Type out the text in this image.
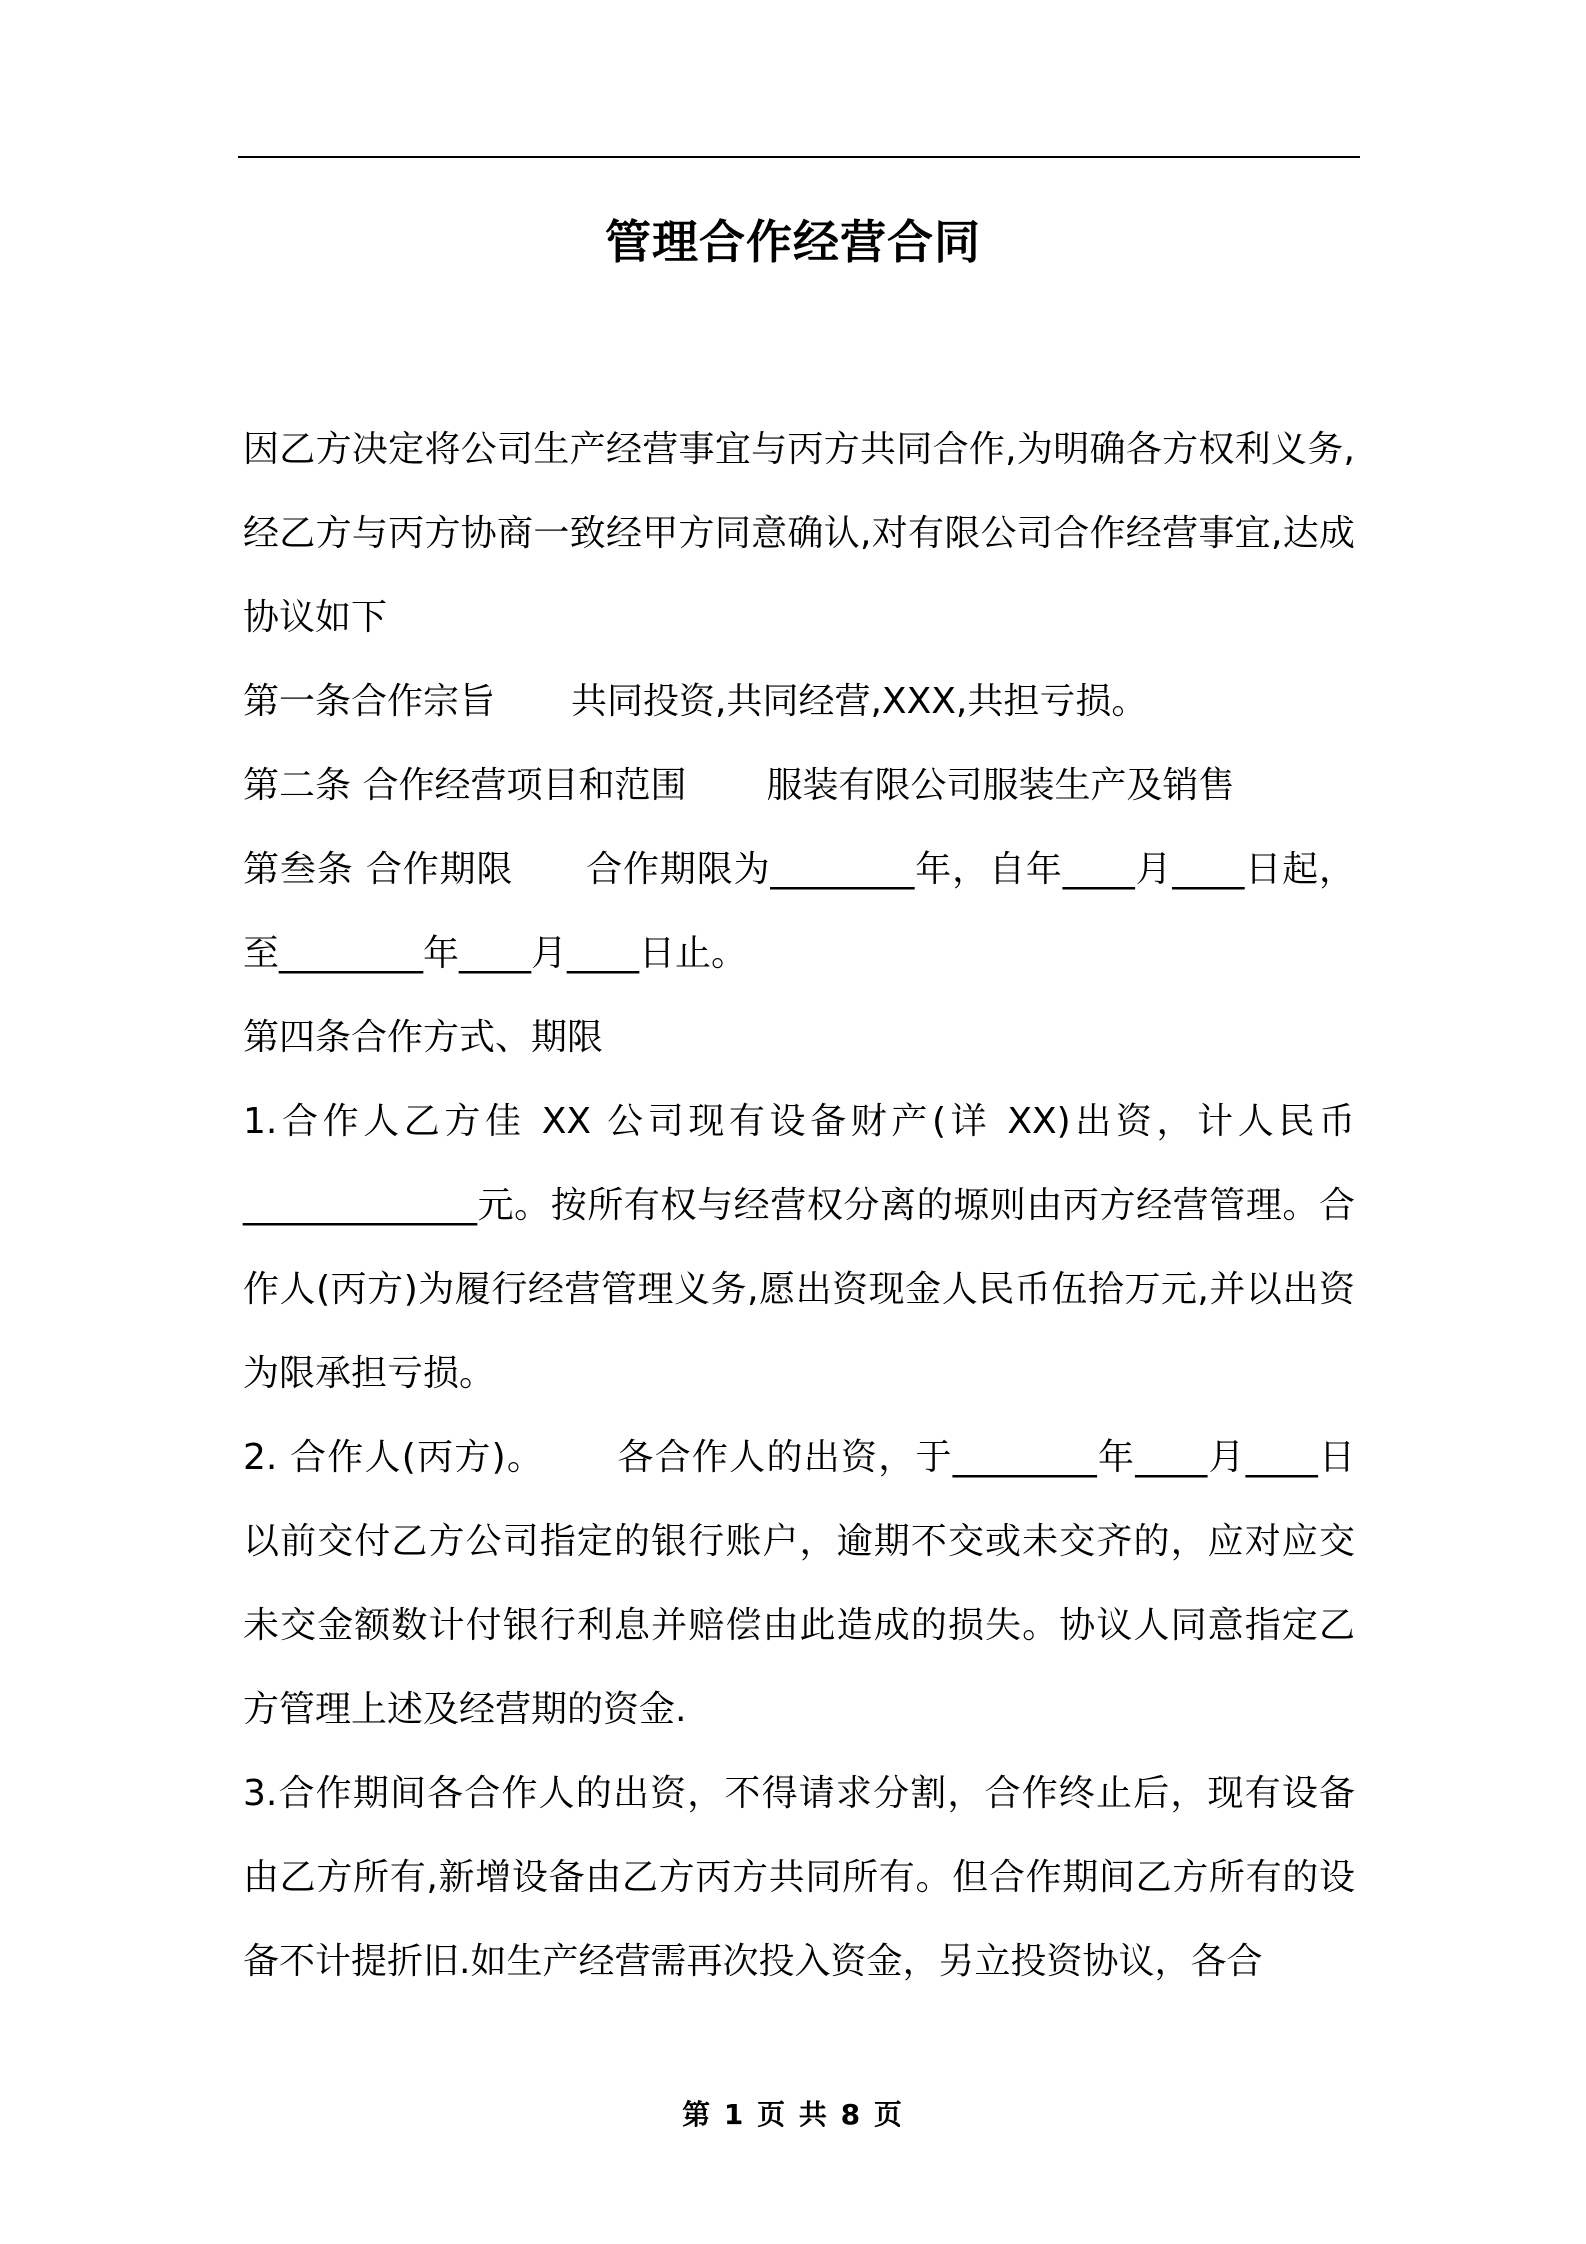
管理合作经营合同

因乙方决定将公司生产经营事宜与丙方共同合作,为明确各方权利义务,经乙方与丙方协商一致经甲方同意确认,对有限公司合作经营事宜,达成协议如下

第一条合作宗旨 共同投资,共同经营,XXX,共担亏损。

第二条 合作经营项目和范围 服装有限公司服装生产及销售

第叁条 合作期限 合作期限为________年，自年____月____日起，至________年____月____日止。

第四条合作方式、期限

1.合作人乙方佳 XX 公司现有设备财产(详 XX)出资，计人民币_____________元。按所有权与经营权分离的塬则由丙方经营管理。合作人(丙方)为履行经营管理义务,愿出资现金人民币伍拾万元,并以出资为限承担亏损。

2. 合作人(丙方)。 各合作人的出资，于________年____月____日以前交付乙方公司指定的银行账户，逾期不交或未交齐的，应对应交未交金额数计付银行利息并赔偿由此造成的损失。协议人同意指定乙方管理上述及经营期的资金.

3.合作期间各合作人的出资，不得请求分割，合作终止后，现有设备由乙方所有,新增设备由乙方丙方共同所有。但合作期间乙方所有的设备不计提折旧.如生产经营需再次投入资金，另立投资协议，各合

第 1 页 共 8 页
